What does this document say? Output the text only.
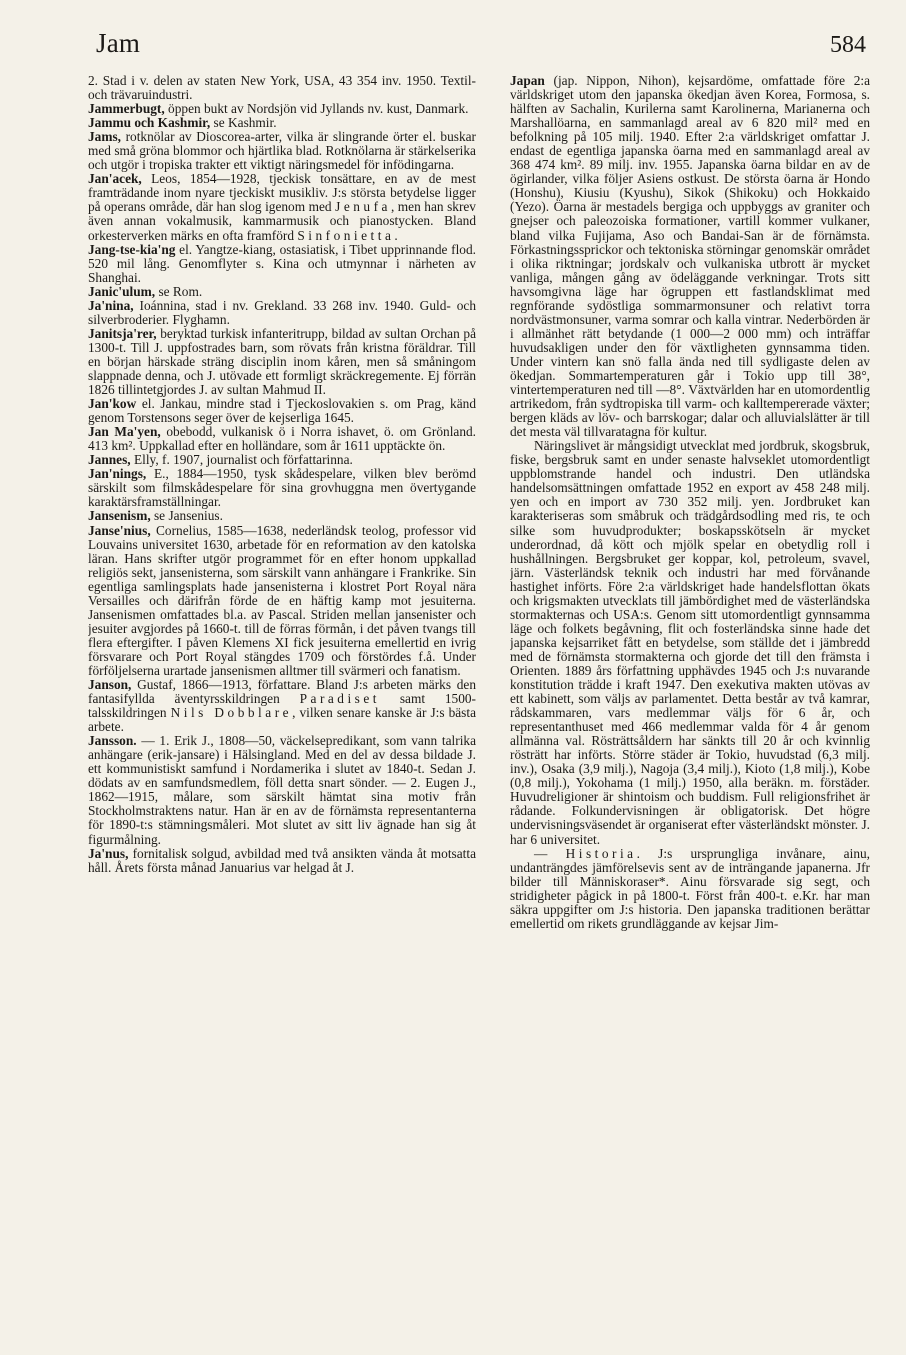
Jam	584

2. Stad i v. delen av staten New York, USA, 43 354 inv. 1950. Textil- och trävaruindustri.

Jammerbugt, öppen bukt av Nordsjön vid Jyllands nv. kust, Danmark.

Jammu och Kashmir, se Kashmir.

Jams, rotknölar av Dioscorea-arter, vilka är slingrande örter el. buskar med små gröna blommor och hjärtlika blad. Rotknölarna är stärkelserika och utgör i tropiska trakter ett viktigt näringsmedel för infödingarna.

Jan'acek, Leos, 1854—1928, tjeckisk tonsättare, en av de mest framträdande inom nyare tjeckiskt musikliv. J:s största betydelse ligger på operans område, där han slog igenom med Jenufa, men han skrev även annan vokalmusik, kammarmusik och pianostycken. Bland orkesterverken märks en ofta framförd Sinfonietta.

Jang-tse-kia'ng el. Yangtze-kiang, ostasiatisk, i Tibet upprinnande flod. 520 mil lång. Genomflyter s. Kina och utmynnar i närheten av Shanghai.

Janic'ulum, se Rom.

Ja'nina, Ioánnina, stad i nv. Grekland. 33 268 inv. 1940. Guld- och silverbroderier. Flyghamn.

Janitsja'rer, beryktad turkisk infanteritrupp, bildad av sultan Orchan på 1300-t. Till J. uppfostrades barn, som rövats från kristna föräldrar. Till en början härskade sträng disciplin inom kåren, men så småningom slappnade denna, och J. utövade ett formligt skräckregemente. Ej förrän 1826 tillintetgjordes J. av sultan Mahmud II.

Jan'kow el. Jankau, mindre stad i Tjeckoslovakien s. om Prag, känd genom Torstensons seger över de kejserliga 1645.

Jan Ma'yen, obebodd, vulkanisk ö i Norra ishavet, ö. om Grönland. 413 km². Uppkallad efter en holländare, som år 1611 upptäckte ön.

Jannes, Elly, f. 1907, journalist och författarinna.

Jan'nings, E., 1884—1950, tysk skådespelare, vilken blev berömd särskilt som filmskådespelare för sina grovhuggna men övertygande karaktärsframställningar.

Jansenism, se Jansenius.

Janse'nius, Cornelius, 1585—1638, nederländsk teolog, professor vid Louvains universitet 1630, arbetade för en reformation av den katolska läran. Hans skrifter utgör programmet för en efter honom uppkallad religiös sekt, jansenisterna, som särskilt vann anhängare i Frankrike. Sin egentliga samlingsplats hade jansenisterna i klostret Port Royal nära Versailles och därifrån förde de en häftig kamp mot jesuiterna. Jansenismen omfattades bl.a. av Pascal. Striden mellan jansenister och jesuiter avgjordes på 1660-t. till de förras förmån, i det påven tvangs till flera eftergifter. I påven Klemens XI fick jesuiterna emellertid en ivrig försvarare och Port Royal stängdes 1709 och förstördes f.å. Under förföljelserna urartade jansenismen alltmer till svärmeri och fanatism.

Janson, Gustaf, 1866—1913, författare. Bland J:s arbeten märks den fantasifyllda äventyrsskildringen Paradiset samt 1500-talsskildringen Nils Dobblare, vilken senare kanske är J:s bästa arbete.

Jansson. — 1. Erik J., 1808—50, väckelsepredikant, som vann talrika anhängare (erik-jansare) i Hälsingland. Med en del av dessa bildade J. ett kommunistiskt samfund i Nordamerika i slutet av 1840-t. Sedan J. dödats av en samfundsmedlem, föll detta snart sönder. — 2. Eugen J., 1862—1915, målare, som särskilt hämtat sina motiv från Stockholmstraktens natur. Han är en av de förnämsta representanterna för 1890-t:s stämningsmåleri. Mot slutet av sitt liv ägnade han sig åt figurmålning.

Ja'nus, fornitalisk solgud, avbildad med två ansikten vända åt motsatta håll. Årets första månad Januarius var helgad åt J.

Japan (jap. Nippon, Nihon), kejsardöme, omfattade före 2:a världskriget utom den japanska ökedjan även Korea, Formosa, s. hälften av Sachalin, Kurilerna samt Karolinerna, Marianerna och Marshallöarna, en sammanlagd areal av 6 820 mil² med en befolkning på 105 milj. 1940. Efter 2:a världskriget omfattar J. endast de egentliga japanska öarna med en sammanlagd areal av 368 474 km². 89 milj. inv. 1955. Japanska öarna bildar en av de ögirlander, vilka följer Asiens ostkust. De största öarna är Hondo (Honshu), Kiusiu (Kyushu), Sikok (Shikoku) och Hokkaido (Yezo). Öarna är mestadels bergiga och uppbyggs av graniter och gnejser och paleozoiska formationer, vartill kommer vulkaner, bland vilka Fujijama, Aso och Bandai-San är de förnämsta. Förkastningssprickor och tektoniska störningar genomskär området i olika riktningar; jordskalv och vulkaniska utbrott är mycket vanliga, mången gång av ödeläggande verkningar. Trots sitt havsomgivna läge har ögruppen ett fastlandsklimat med regnförande sydöstliga sommarmonsuner och relativt torra nordvästmonsuner, varma somrar och kalla vintrar. Nederbörden är i allmänhet rätt betydande (1 000—2 000 mm) och inträffar huvudsakligen under den för växtligheten gynnsamma tiden. Under vintern kan snö falla ända ned till sydligaste delen av ökedjan. Sommartemperaturen går i Tokio upp till 38°, vintertemperaturen ned till —8°. Växtvärlden har en utomordentlig artrikedom, från sydtropiska till varm- och kalltempererade växter; bergen kläds av löv- och barrskogar; dalar och alluvialslätter är till det mesta väl tillvaratagna för kultur.

Näringslivet är mångsidigt utvecklat med jordbruk, skogsbruk, fiske, bergsbruk samt en under senaste halvseklet utomordentligt uppblomstrande handel och industri. Den utländska handelsomsättningen omfattade 1952 en export av 458 248 milj. yen och en import av 730 352 milj. yen. Jordbruket kan karakteriseras som småbruk och trädgårdsodling med ris, te och silke som huvudprodukter; boskapsskötseln är mycket underordnad, då kött och mjölk spelar en obetydlig roll i hushållningen. Bergsbruket ger koppar, kol, petroleum, svavel, järn. Västerländsk teknik och industri har med förvånande hastighet införts. Före 2:a världskriget hade handelsflottan ökats och krigsmakten utvecklats till jämbördighet med de västerländska stormakternas och USA:s. Genom sitt utomordentligt gynnsamma läge och folkets begåvning, flit och fosterländska sinne hade det japanska kejsarriket fått en betydelse, som ställde det i jämbredd med de förnämsta stormakterna och gjorde det till den främsta i Orienten. 1889 års författning upphävdes 1945 och J:s nuvarande konstitution trädde i kraft 1947. Den exekutiva makten utövas av ett kabinett, som väljs av parlamentet. Detta består av två kamrar, rådskammaren, vars medlemmar väljs för 6 år, och representanthuset med 466 medlemmar valda för 4 år genom allmänna val. Rösträttsåldern har sänkts till 20 år och kvinnlig rösträtt har införts. Större städer är Tokio, huvudstad (6,3 milj. inv.), Osaka (3,9 milj.), Nagoja (3,4 milj.), Kioto (1,8 milj.), Kobe (0,8 milj.), Yokohama (1 milj.) 1950, alla beräkn. m. förstäder. Huvudreligioner är shintoism och buddism. Full religionsfrihet är rådande. Folkundervisningen är obligatorisk. Det högre undervisningsväsendet är organiserat efter västerländskt mönster. J. har 6 universitet.

— Historia. J:s ursprungliga invånare, ainu, undanträngdes jämförelsevis sent av de inträngande japanerna. Jfr bilder till Människoraser*. Ainu försvarade sig segt, och stridigheter pågick in på 1800-t. Först från 400-t. e.Kr. har man säkra uppgifter om J:s historia. Den japanska traditionen berättar emellertid om rikets grundläggande av kejsar Jim-
